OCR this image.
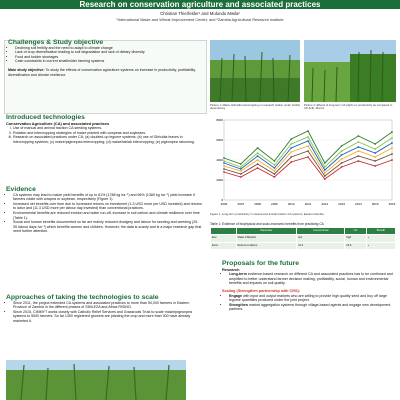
Research on conservation agriculture and associated practices
Christian Thierfelder¹ and Mulundu Mwila²
¹International Maize and Wheat Improvement Center, and ²Zambia Agricultural Research Institute
Challenges & Study objective
• Declining soil fertility and the need to adapt to climate change
• Lack of crop diversification leading to soil degradation and lack of dietary diversity
• Food and fodder shortages
• Cash constraints in current smallholder farming systems
Main study objective: To study the effects of conservation agriculture systems on increase in productivity, profitability, diversification and climate resilience.
Picture 1: Maize-Gliricidia intercropping on research station under fertility dependency
Picture 2: Effects of long-term CA (right) on productivity as compared to CP (left), Monze
Introduced technologies
Conservation Agriculture (CA) and associated practices
i. Use of manual and animal traction CA seeding systems.
ii. Rotation and intercropping strategies of maize planted with cowpeas and soybeans.
iii. Research on associated practices under CA; (a) doubled-up legume systems; (b) use of Gliricidia leaves in intercropping systems; (c) maize/pigeonpea intercropping; (d) maize/lablab intercropping; (e) pigeonpea ratooning.
Evidence
• CA systems may lead to maize yield benefits of up to 81% (1788 kg ha⁻¹) and 66% (1380 kg ha⁻¹) yield increase if farmers rotate with cowpea or soybean, respectively (Figure 1).
• Increased net benefits over time due to increased returns on investment (1.3 USD more per USD invested) and returns to labor and (11.3 USD more per labour day invested) than conventional practices.
• Environmental benefits are reduced erosion and water run-off, increase in soil carbon and climate resilience over time (Table 1).
• Social and human benefits documented so far are mainly reduced drudgery and labour for seeding and weeding (25-35 labour days ha⁻¹) which benefits women and children. However, the data is scanty and is a major research gap that need further attention.
Approaches of taking the technologies to scale
• Since 2011, the project extended CA systems and associated practices to more than 50,000 farmers in Eastern Province of Zambia in the different phases of SIMLEZA and Africa RISING.
• Since 2015, CIMMYT works closely with Catholic Relief Services and Grassroots Trust to scale maize/pigeonpea systems to 5000 farmers. So far 1350 registered growers are planting the crop and more than 300 have already marketed it.
0
2000
4000
6000
8000
2006	2007	2008	2009	2010	2011	2012	2013	2014	2015	2016
Figure 1. Long-term productivity in manual and animal traction CA systems, Eastern Zambia
Table 1: Evidence of biophysical and socio-economic benefits from practicing CA
	Parameter	Conventional	CA	Benefit
Env.	Water infiltration	low	high	+
Econ.	Returns to labour	11.3	22.6	+
Proposals for the future
Research
• Long-term evidence-based research on different CA and associated practices has to be continued and amplified to better understand farmer decision making, profitability, social, human and environmental benefits and impacts on soil quality.
Scaling (Strengthen partnership with CRS):
• Engage with input and output markets who are willing to provide high quality seed and buy off large legume quantities produced under the joint project.
• Strengthen market aggregation systems through village-based agents and engage new development partners.
